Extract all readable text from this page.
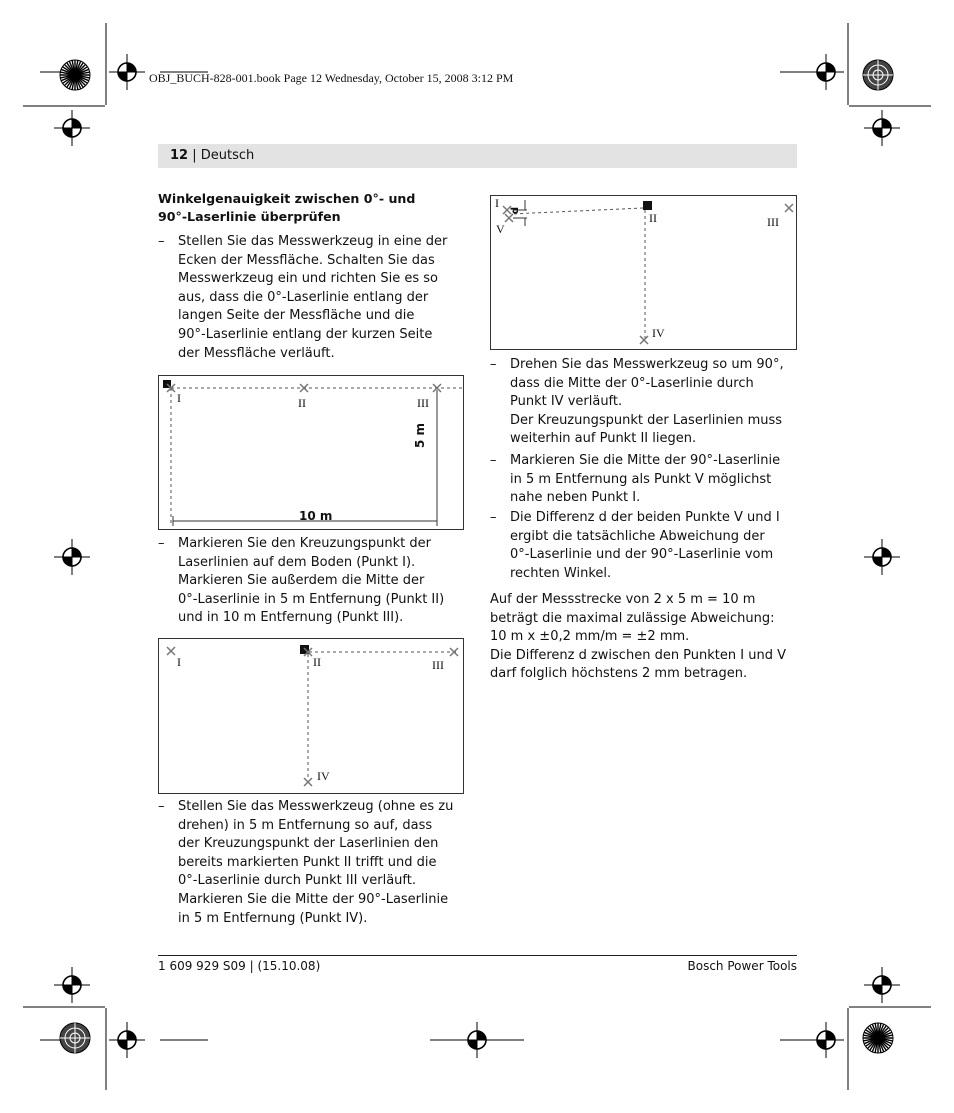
OBJ_BUCH-828-001.book Page 12 Wednesday, October 15, 2008 3:12 PM
12 | Deutsch
Winkelgenauigkeit zwischen 0°- und
90°-Laserlinie überprüfen
– Stellen Sie das Messwerkzeug in eine der
Ecken der Messfläche. Schalten Sie das
Messwerkzeug ein und richten Sie es so
aus, dass die 0°-Laserlinie entlang der
langen Seite der Messfläche und die
90°-Laserlinie entlang der kurzen Seite
der Messfläche verläuft.
I	II	III
10 m
5 m
– Markieren Sie den Kreuzungspunkt der
Laserlinien auf dem Boden (Punkt I).
Markieren Sie außerdem die Mitte der
0°-Laserlinie in 5 m Entfernung (Punkt II)
und in 10 m Entfernung (Punkt III).
I	II	III
IV
– Stellen Sie das Messwerkzeug (ohne es zu
drehen) in 5 m Entfernung so auf, dass
der Kreuzungspunkt der Laserlinien den
bereits markierten Punkt II trifft und die
0°-Laserlinie durch Punkt III verläuft.
Markieren Sie die Mitte der 90°-Laserlinie
in 5 m Entfernung (Punkt IV).
I
V
d
II	III
IV
– Drehen Sie das Messwerkzeug so um 90°,
dass die Mitte der 0°-Laserlinie durch
Punkt IV verläuft.
Der Kreuzungspunkt der Laserlinien muss
weiterhin auf Punkt II liegen.
– Markieren Sie die Mitte der 90°-Laserlinie
in 5 m Entfernung als Punkt V möglichst
nahe neben Punkt I.
– Die Differenz d der beiden Punkte V und I
ergibt die tatsächliche Abweichung der
0°-Laserlinie und der 90°-Laserlinie vom
rechten Winkel.
Auf der Messstrecke von 2 x 5 m = 10 m
beträgt die maximal zulässige Abweichung:
10 m x ±0,2 mm/m = ±2 mm.
Die Differenz d zwischen den Punkten I und V
darf folglich höchstens 2 mm betragen.
1 609 929 S09 | (15.10.08)	Bosch Power Tools
